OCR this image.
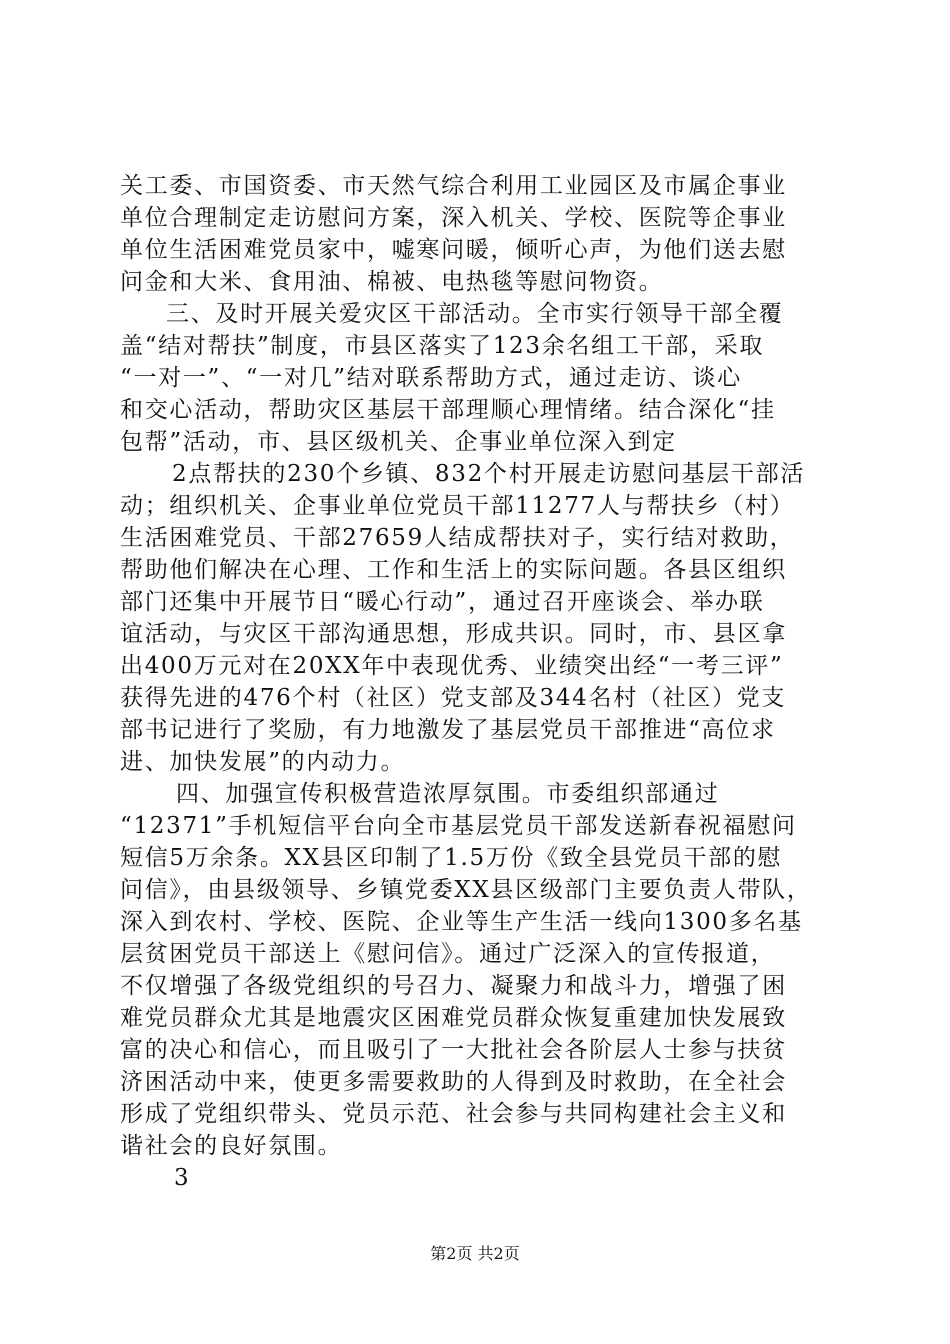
关工委、市国资委、市天然气综合利用工业园区及市属企事业
单位合理制定走访慰问方案，深入机关、学校、医院等企事业
单位生活困难党员家中，嘘寒问暖，倾听心声，为他们送去慰
问金和大米、食用油、棉被、电热毯等慰问物资。
三、及时开展关爱灾区干部活动。全市实行领导干部全覆
盖“结对帮扶”制度，市县区落实了123余名组工干部，采取
“一对一”、“一对几”结对联系帮助方式，通过走访、谈心
和交心活动，帮助灾区基层干部理顺心理情绪。结合深化“挂
包帮”活动，市、县区级机关、企事业单位深入到定
2点帮扶的230个乡镇、832个村开展走访慰问基层干部活
动；组织机关、企事业单位党员干部11277人与帮扶乡（村）
生活困难党员、干部27659人结成帮扶对子，实行结对救助，
帮助他们解决在心理、工作和生活上的实际问题。各县区组织
部门还集中开展节日“暖心行动”，通过召开座谈会、举办联
谊活动，与灾区干部沟通思想，形成共识。同时，市、县区拿
出400万元对在20XX年中表现优秀、业绩突出经“一考三评”
获得先进的476个村（社区）党支部及344名村（社区）党支
部书记进行了奖励，有力地激发了基层党员干部推进“高位求
进、加快发展”的内动力。
四、加强宣传积极营造浓厚氛围。市委组织部通过
“12371”手机短信平台向全市基层党员干部发送新春祝福慰问
短信5万余条。XX县区印制了1.5万份《致全县党员干部的慰
问信》，由县级领导、乡镇党委XX县区级部门主要负责人带队，
深入到农村、学校、医院、企业等生产生活一线向1300多名基
层贫困党员干部送上《慰问信》。通过广泛深入的宣传报道，
不仅增强了各级党组织的号召力、凝聚力和战斗力，增强了困
难党员群众尤其是地震灾区困难党员群众恢复重建加快发展致
富的决心和信心，而且吸引了一大批社会各阶层人士参与扶贫
济困活动中来，使更多需要救助的人得到及时救助，在全社会
形成了党组织带头、党员示范、社会参与共同构建社会主义和
谐社会的良好氛围。
3
第2页 共2页
